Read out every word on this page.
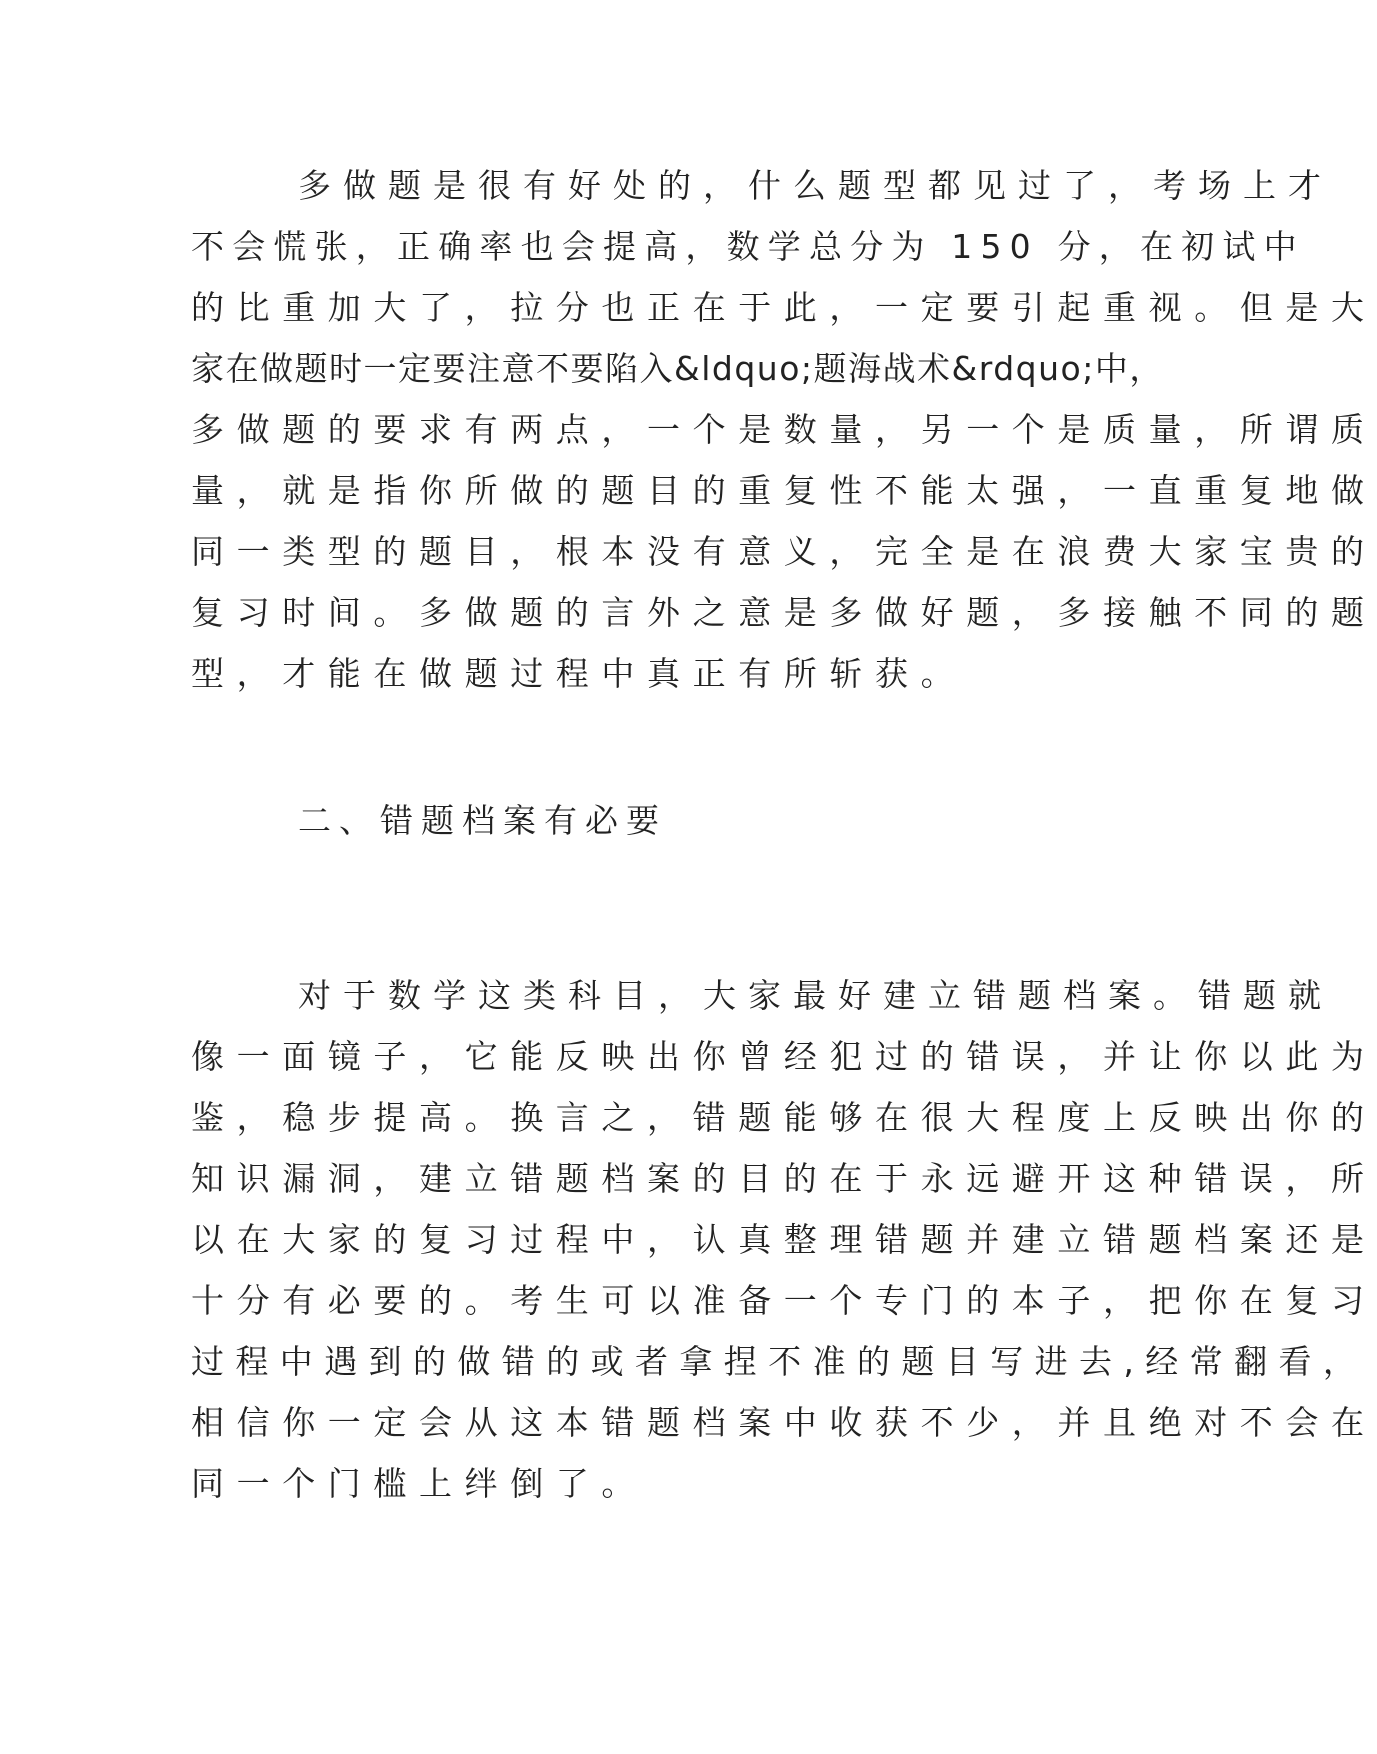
多做题是很有好处的，什么题型都见过了，考场上才
不会慌张，正确率也会提高，数学总分为 150 分，在初试中
的比重加大了，拉分也正在于此，一定要引起重视。但是大
家在做题时一定要注意不要陷入&ldquo;题海战术&rdquo;中，
多做题的要求有两点，一个是数量，另一个是质量，所谓质
量，就是指你所做的题目的重复性不能太强，一直重复地做
同一类型的题目，根本没有意义，完全是在浪费大家宝贵的
复习时间。多做题的言外之意是多做好题，多接触不同的题
型，才能在做题过程中真正有所斩获。
二、错题档案有必要
对于数学这类科目，大家最好建立错题档案。错题就
像一面镜子，它能反映出你曾经犯过的错误，并让你以此为
鉴，稳步提高。换言之，错题能够在很大程度上反映出你的
知识漏洞，建立错题档案的目的在于永远避开这种错误，所
以在大家的复习过程中，认真整理错题并建立错题档案还是
十分有必要的。考生可以准备一个专门的本子，把你在复习
过程中遇到的做错的或者拿捏不准的题目写进去,经常翻看，
相信你一定会从这本错题档案中收获不少，并且绝对不会在
同一个门槛上绊倒了。
